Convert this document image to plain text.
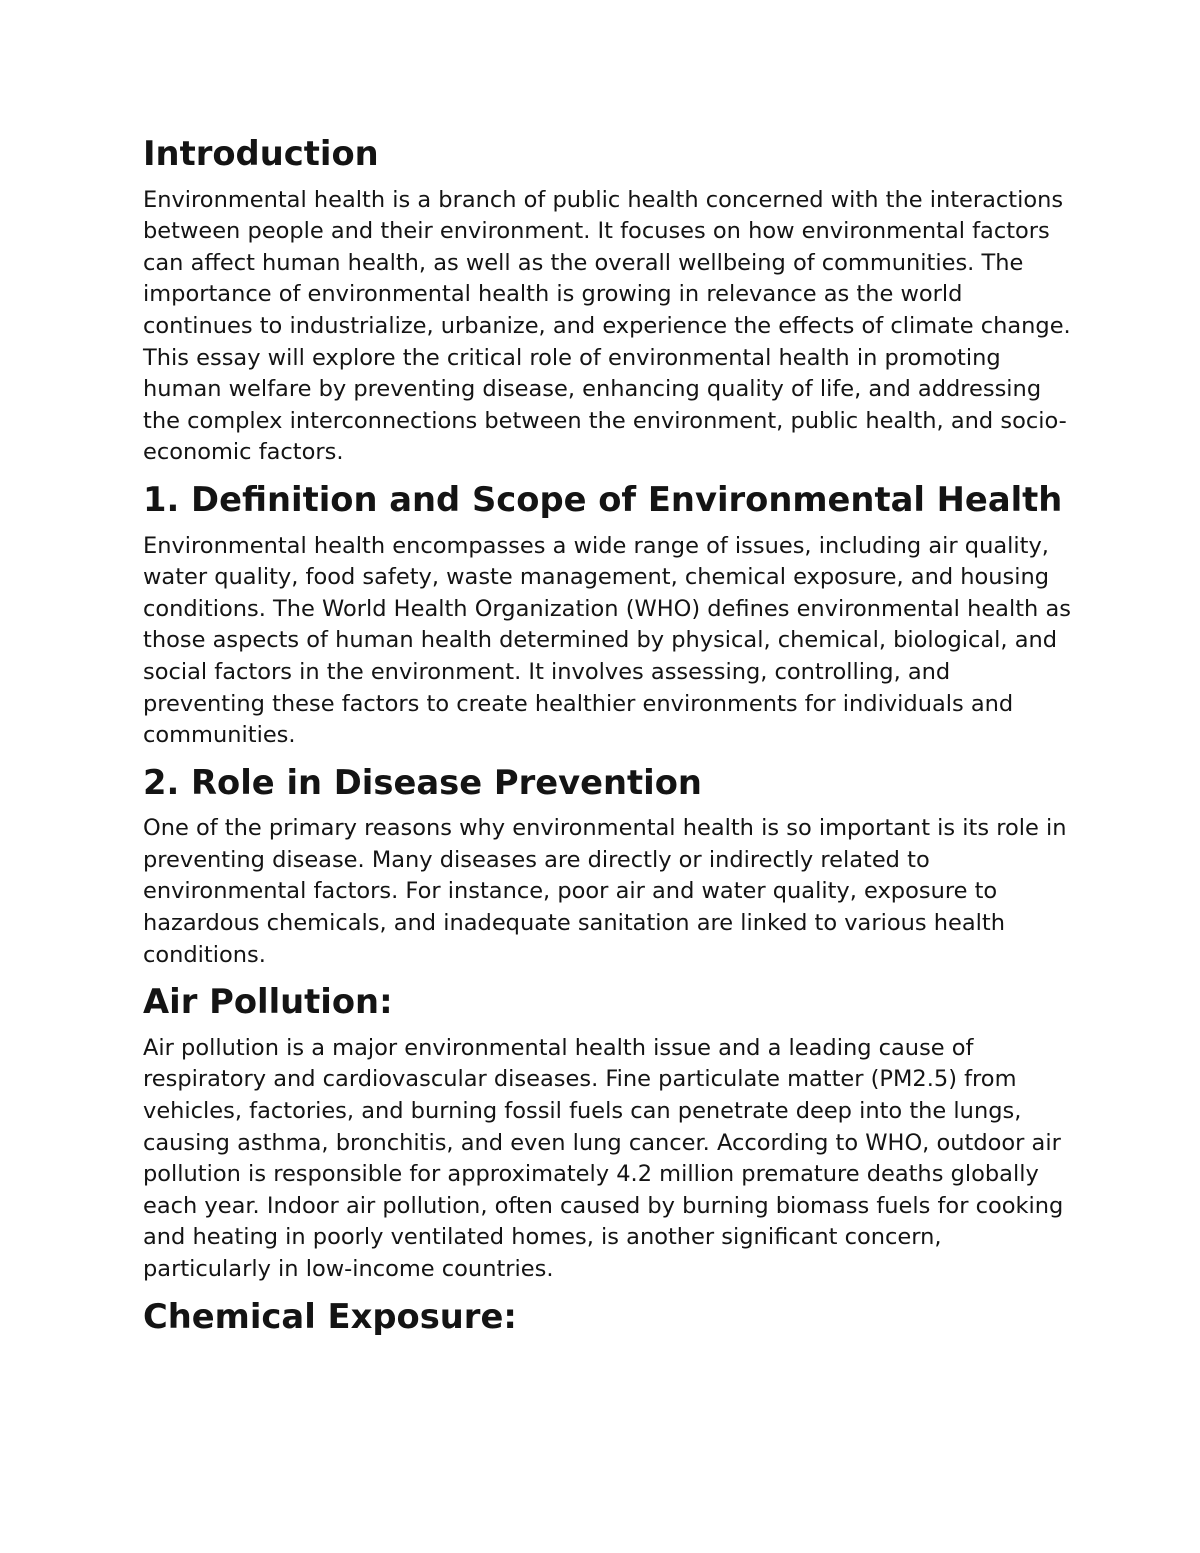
Introduction

Environmental health is a branch of public health concerned with the interactions between people and their environment. It focuses on how environmental factors can affect human health, as well as the overall wellbeing of communities. The importance of environmental health is growing in relevance as the world continues to industrialize, urbanize, and experience the effects of climate change. This essay will explore the critical role of environmental health in promoting human welfare by preventing disease, enhancing quality of life, and addressing the complex interconnections between the environment, public health, and socio-economic factors.

1. Definition and Scope of Environmental Health

Environmental health encompasses a wide range of issues, including air quality, water quality, food safety, waste management, chemical exposure, and housing conditions. The World Health Organization (WHO) defines environmental health as those aspects of human health determined by physical, chemical, biological, and social factors in the environment. It involves assessing, controlling, and preventing these factors to create healthier environments for individuals and communities.

2. Role in Disease Prevention

One of the primary reasons why environmental health is so important is its role in preventing disease. Many diseases are directly or indirectly related to environmental factors. For instance, poor air and water quality, exposure to hazardous chemicals, and inadequate sanitation are linked to various health conditions.

Air Pollution:

Air pollution is a major environmental health issue and a leading cause of respiratory and cardiovascular diseases. Fine particulate matter (PM2.5) from vehicles, factories, and burning fossil fuels can penetrate deep into the lungs, causing asthma, bronchitis, and even lung cancer. According to WHO, outdoor air pollution is responsible for approximately 4.2 million premature deaths globally each year. Indoor air pollution, often caused by burning biomass fuels for cooking and heating in poorly ventilated homes, is another significant concern, particularly in low-income countries.

Chemical Exposure:
